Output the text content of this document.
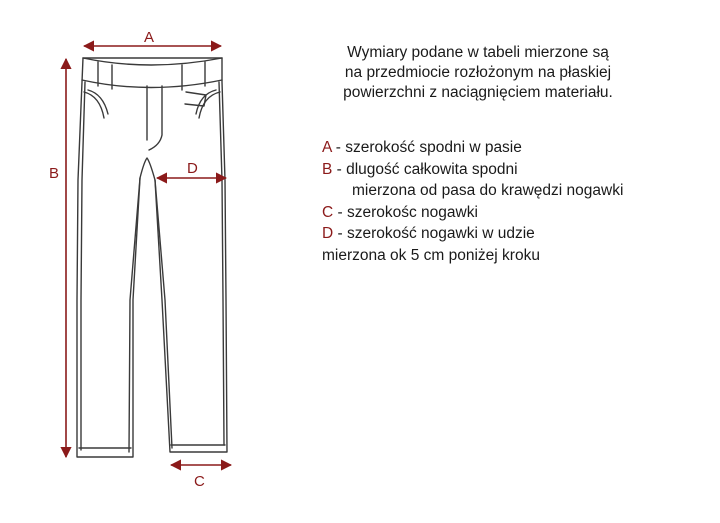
A
B
C
D
Wymiary podane w tabeli mierzone są
na przedmiocie rozłożonym na płaskiej
powierzchni z naciągnięciem materiału.
A - szerokość spodni w pasie
B - dlugość całkowita spodni
mierzona od pasa do krawędzi nogawki
C - szerokośc nogawki
D - szerokość nogawki w udzie
mierzona ok 5 cm poniżej kroku
